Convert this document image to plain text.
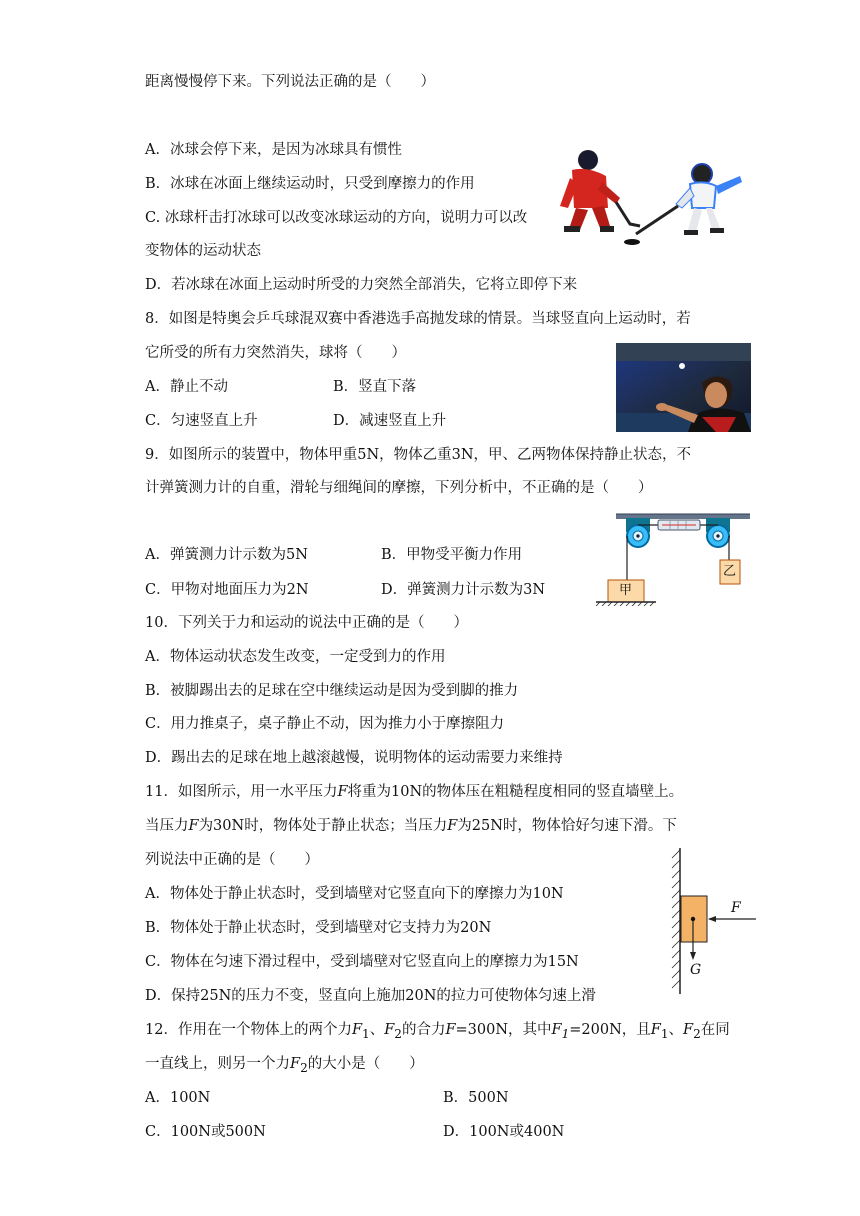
距离慢慢停下来。下列说法正确的是（　　）
A．冰球会停下来，是因为冰球具有惯性
B．冰球在冰面上继续运动时，只受到摩擦力的作用
C. 冰球杆击打冰球可以改变冰球运动的方向，说明力可以改
变物体的运动状态
D．若冰球在冰面上运动时所受的力突然全部消失，它将立即停下来
8．如图是特奥会乒乓球混双赛中香港选手高抛发球的情景。当球竖直向上运动时，若
它所受的所有力突然消失，球将（　　）
A．静止不动	B．竖直下落
C．匀速竖直上升	D．减速竖直上升
9．如图所示的装置中，物体甲重5N，物体乙重3N，甲、乙两物体保持静止状态，不
计弹簧测力计的自重，滑轮与细绳间的摩擦，下列分析中，不正确的是（　　）
A．弹簧测力计示数为5N	B．甲物受平衡力作用
C．甲物对地面压力为2N	D．弹簧测力计示数为3N	甲
乙
10．下列关于力和运动的说法中正确的是（　　）
A．物体运动状态发生改变，一定受到力的作用
B．被脚踢出去的足球在空中继续运动是因为受到脚的推力
C．用力推桌子，桌子静止不动，因为推力小于摩擦阻力
D．踢出去的足球在地上越滚越慢，说明物体的运动需要力来维持
11．如图所示，用一水平压力F将重为10N的物体压在粗糙程度相同的竖直墙壁上。
当压力F为30N时，物体处于静止状态；当压力F为25N时，物体恰好匀速下滑。下
列说法中正确的是（　　）
A．物体处于静止状态时，受到墙壁对它竖直向下的摩擦力为10N
B．物体处于静止状态时，受到墙壁对它支持力为20N
C．物体在匀速下滑过程中，受到墙壁对它竖直向上的摩擦力为15N
D．保持25N的压力不变，竖直向上施加20N的拉力可使物体匀速上滑
F
G
12．作用在一个物体上的两个力$F_1$、$F_2$的合力F=300N，其中$F_1=200N$，且$F_1$、$F_2$在同
一直线上，则另一个力$F_2$的大小是（　　）
A．100N	B．500N
C．100N或500N	D．100N或400N
